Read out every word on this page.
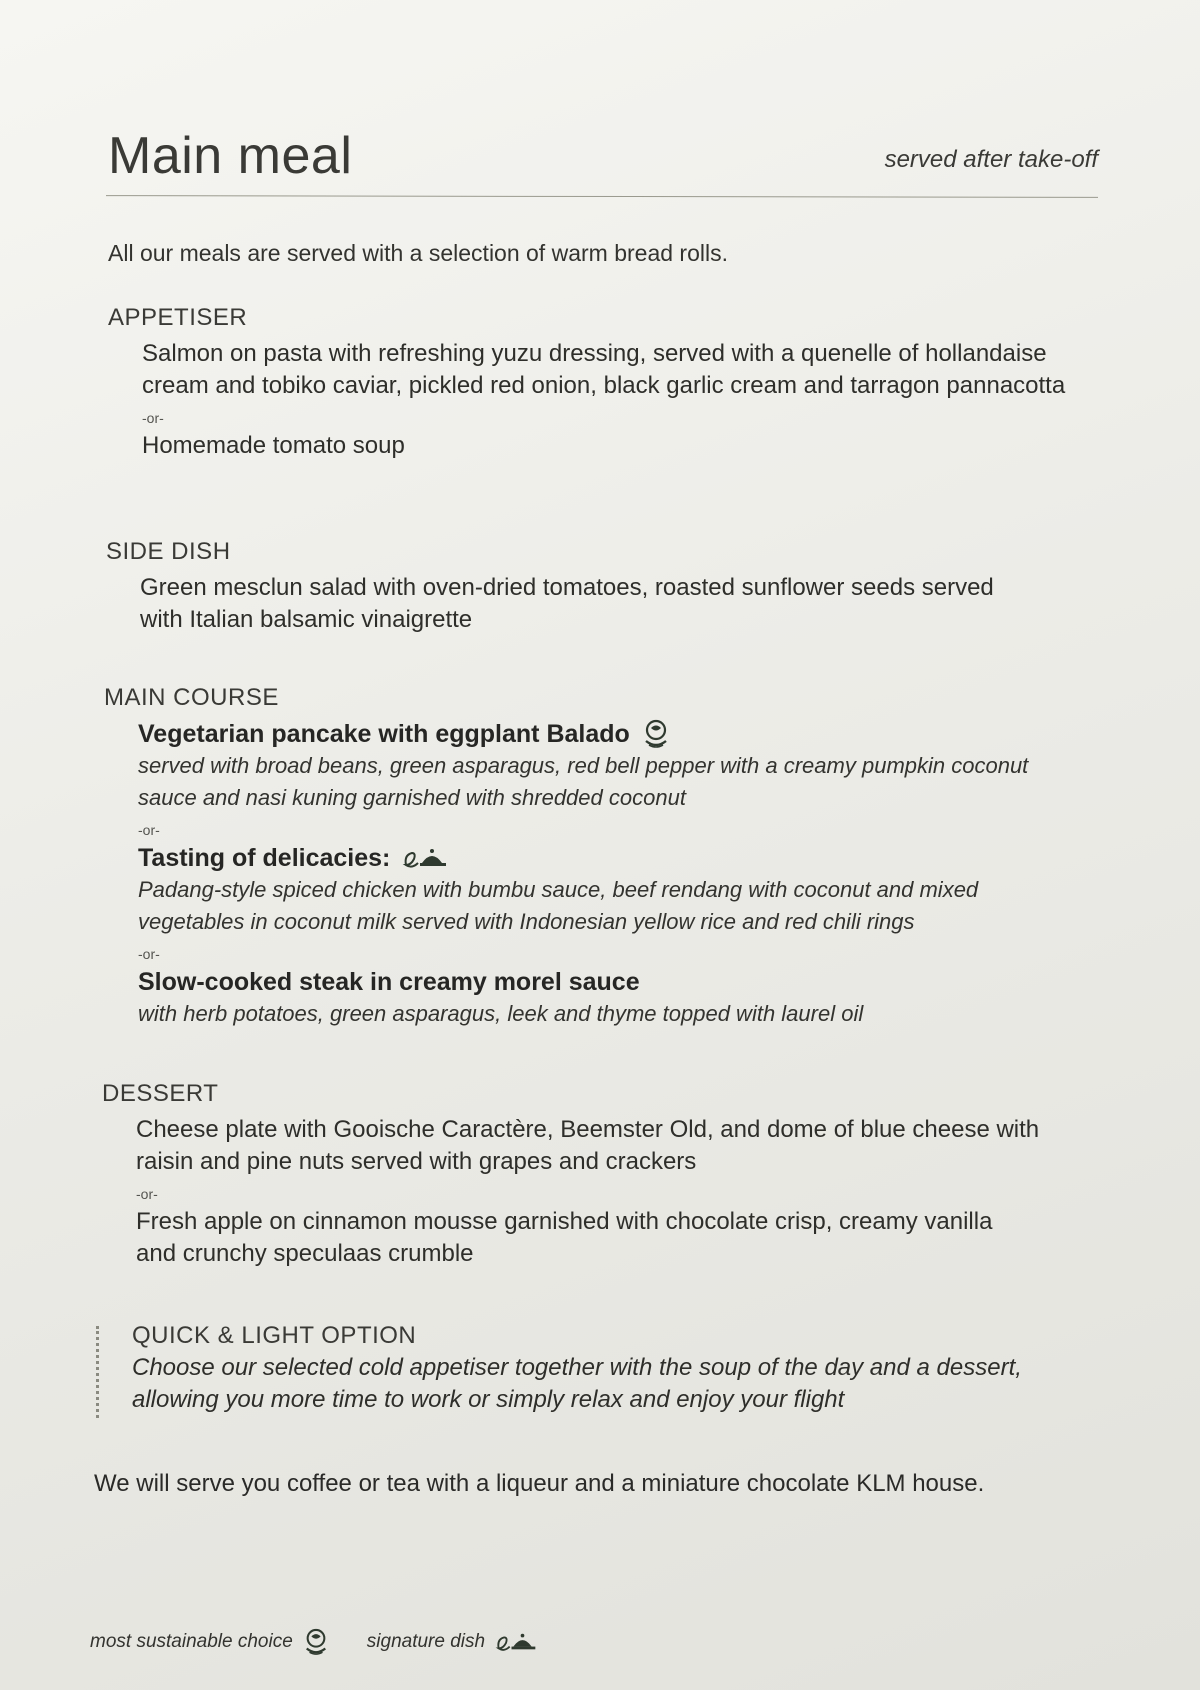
Main meal	served after take-off
All our meals are served with a selection of warm bread rolls.
APPETISER
Salmon on pasta with refreshing yuzu dressing, served with a quenelle of hollandaise cream and tobiko caviar, pickled red onion, black garlic cream and tarragon pannacotta
-or-
Homemade tomato soup
SIDE DISH
Green mesclun salad with oven-dried tomatoes, roasted sunflower seeds served with Italian balsamic vinaigrette
MAIN COURSE
Vegetarian pancake with eggplant Balado
served with broad beans, green asparagus, red bell pepper with a creamy pumpkin coconut sauce and nasi kuning garnished with shredded coconut
-or-
Tasting of delicacies:
Padang-style spiced chicken with bumbu sauce, beef rendang with coconut and mixed vegetables in coconut milk served with Indonesian yellow rice and red chili rings
-or-
Slow-cooked steak in creamy morel sauce
with herb potatoes, green asparagus, leek and thyme topped with laurel oil
DESSERT
Cheese plate with Gooische Caractère, Beemster Old, and dome of blue cheese with raisin and pine nuts served with grapes and crackers
-or-
Fresh apple on cinnamon mousse garnished with chocolate crisp, creamy vanilla and crunchy speculaas crumble
QUICK & LIGHT OPTION
Choose our selected cold appetiser together with the soup of the day and a dessert, allowing you more time to work or simply relax and enjoy your flight
We will serve you coffee or tea with a liqueur and a miniature chocolate KLM house.
most sustainable choice	signature dish
